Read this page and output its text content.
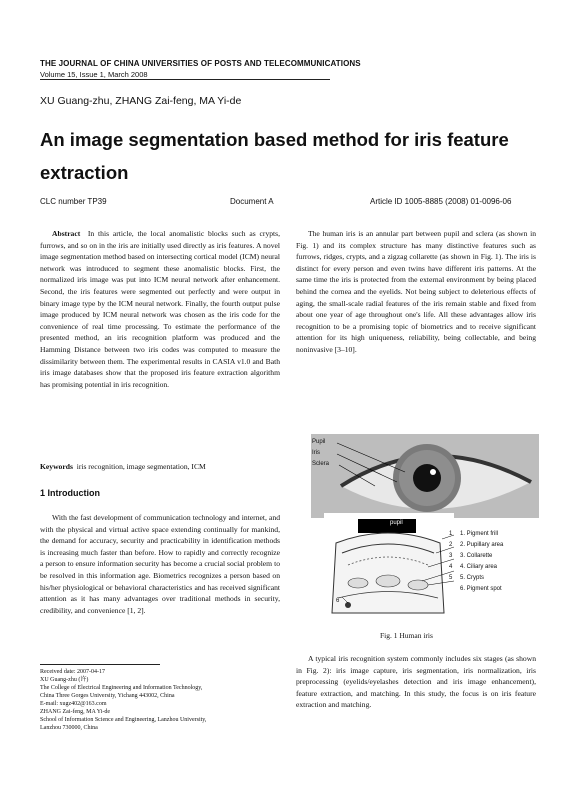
THE JOURNAL OF CHINA UNIVERSITIES OF POSTS AND TELECOMMUNICATIONS
Volume 15, Issue 1, March 2008
XU Guang-zhu, ZHANG Zai-feng, MA Yi-de
An image segmentation based method for iris feature extraction
CLC number TP39	Document A	Article ID 1005-8885 (2008) 01-0096-06

Abstract In this article, the local anomalistic blocks such as crypts, furrows, and so on in the iris are initially used directly as iris features. A novel image segmentation method based on intersecting cortical model (ICM) neural network was introduced to segment these anomalistic blocks. First, the normalized iris image was put into ICM neural network after enhancement. Second, the iris features were segmented out perfectly and were output in binary image type by the ICM neural network. Finally, the fourth output pulse image produced by ICM neural network was chosen as the iris code for the convenience of real time processing. To estimate the performance of the presented method, an iris recognition platform was produced and the Hamming Distance between two iris codes was computed to measure the dissimilarity between them. The experimental results in CASIA v1.0 and Bath iris image databases show that the proposed iris feature extraction algorithm has promising potential in iris recognition.

Keywords iris recognition, image segmentation, ICM
1 Introduction

With the fast development of communication technology and internet, and with the physical and virtual active space extending continually for mankind, the demand for accuracy, security and practicability in identification methods is increasing much faster than before. How to rapidly and correctly recognize a person to ensure information security has become a crucial social problem to be resolved in this information age. Biometrics recognizes a person based on his/her physiological or behavioral characteristics and has received significant attention as it has many advantages over traditional methods in security, credibility, and convenience [1, 2].

Received date: 2007-04-17
XU Guang-zhu (许)
The College of Electrical Engineering and Information Technology,
China Three Gorges University, Yichang 443002, China
E-mail: xugz402@163.com
ZHANG Zai-feng, MA Yi-de
School of Information Science and Engineering, Lanzhou University,
Lanzhou 730000, China

The human iris is an annular part between pupil and sclera (as shown in Fig. 1) and its complex structure has many distinctive features such as furrows, ridges, crypts, and a zigzag collarette (as shown in Fig. 1). The iris is distinct for every person and even twins have different iris patterns. At the same time the iris is protected from the external environment by being placed behind the cornea and the eyelids. Not being subject to deleterious effects of aging, the small-scale radial features of the iris remain stable and fixed from about one year of age throughout one's life. All these advantages allow iris recognition to be a promising topic of biometrics and to receive significant attention for its high uniqueness, reliability, being collectable, and being noninvasive [3–10].

Pupil
Iris
Sclera
pupil
1
2
3
4
5
6
1. Pigment frill
2. Pupillary area
3. Collarette
4. Ciliary area
5. Crypts
6. Pigment spot
Fig. 1 Human iris

A typical iris recognition system commonly includes six stages (as shown in Fig. 2): iris image capture, iris segmentation, iris normalization, iris preprocessing (eyelids/eyelashes detection and iris image enhancement), feature extraction, and matching. In this study, the focus is on iris feature extraction and matching.
